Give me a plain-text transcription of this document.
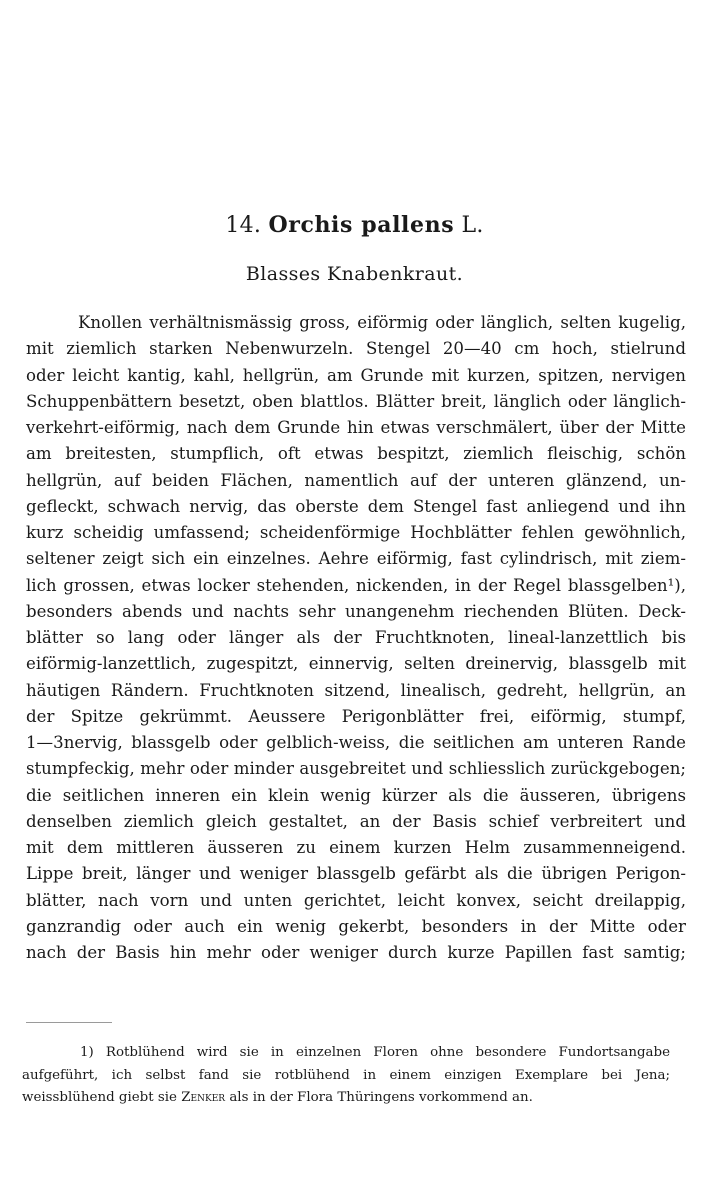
14. Orchis pallens L.
Blasses Knabenkraut.
Knollen verhältnismässig gross, eiförmig oder länglich, selten kugelig,
mit ziemlich starken Nebenwurzeln. Stengel 20—40 cm hoch, stielrund
oder leicht kantig, kahl, hellgrün, am Grunde mit kurzen, spitzen, nervigen
Schuppenbättern besetzt, oben blattlos. Blätter breit, länglich oder länglich-
verkehrt-eiförmig, nach dem Grunde hin etwas verschmälert, über der Mitte
am breitesten, stumpflich, oft etwas bespitzt, ziemlich fleischig, schön
hellgrün, auf beiden Flächen, namentlich auf der unteren glänzend, un-
gefleckt, schwach nervig, das oberste dem Stengel fast anliegend und ihn
kurz scheidig umfassend; scheidenförmige Hochblätter fehlen gewöhnlich,
seltener zeigt sich ein einzelnes. Aehre eiförmig, fast cylindrisch, mit ziem-
lich grossen, etwas locker stehenden, nickenden, in der Regel blassgelben¹),
besonders abends und nachts sehr unangenehm riechenden Blüten. Deck-
blätter so lang oder länger als der Fruchtknoten, lineal-lanzettlich bis
eiförmig-lanzettlich, zugespitzt, einnervig, selten dreinervig, blassgelb mit
häutigen Rändern. Fruchtknoten sitzend, linealisch, gedreht, hellgrün, an
der Spitze gekrümmt. Aeussere Perigonblätter frei, eiförmig, stumpf,
1—3nervig, blassgelb oder gelblich-weiss, die seitlichen am unteren Rande
stumpfeckig, mehr oder minder ausgebreitet und schliesslich zurückgebogen;
die seitlichen inneren ein klein wenig kürzer als die äusseren, übrigens
denselben ziemlich gleich gestaltet, an der Basis schief verbreitert und
mit dem mittleren äusseren zu einem kurzen Helm zusammenneigend.
Lippe breit, länger und weniger blassgelb gefärbt als die übrigen Perigon-
blätter, nach vorn und unten gerichtet, leicht konvex, seicht dreilappig,
ganzrandig oder auch ein wenig gekerbt, besonders in der Mitte oder
nach der Basis hin mehr oder weniger durch kurze Papillen fast samtig;
1) Rotblühend wird sie in einzelnen Floren ohne besondere Fundortsangabe
aufgeführt, ich selbst fand sie rotblühend in einem einzigen Exemplare bei Jena;
weissblühend giebt sie Zenker als in der Flora Thüringens vorkommend an.
